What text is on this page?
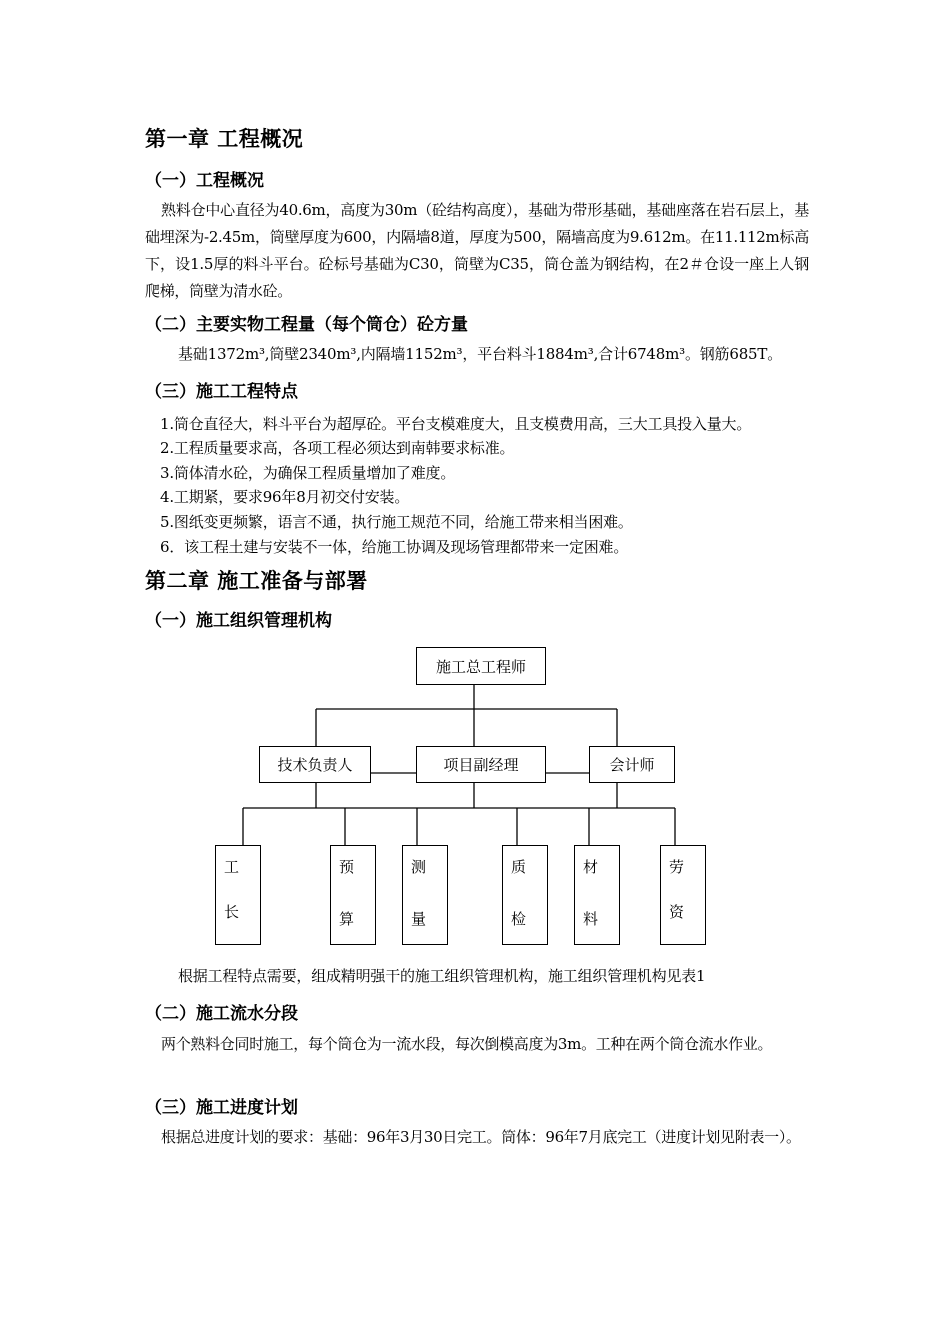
第一章 工程概况
（一）工程概况
熟料仓中心直径为40.6m，高度为30m（砼结构高度），基础为带形基础，基础座落在岩石层上，基础埋深为-2.45m，筒壁厚度为600，内隔墙8道，厚度为500，隔墙高度为9.612m。在11.112m标高下，设1.5厚的料斗平台。砼标号基础为C30，筒壁为C35，筒仓盖为钢结构，在2＃仓设一座上人钢爬梯，筒壁为清水砼。
（二）主要实物工程量（每个筒仓）砼方量
基础1372m³,筒壁2340m³,内隔墙1152m³，平台料斗1884m³,合计6748m³。钢筋685T。
（三）施工工程特点
1.筒仓直径大，料斗平台为超厚砼。平台支模难度大，且支模费用高，三大工具投入量大。
2.工程质量要求高，各项工程必须达到南韩要求标准。
3.筒体清水砼，为确保工程质量增加了难度。
4.工期紧，要求96年8月初交付安装。
5.图纸变更频繁，语言不通，执行施工规范不同，给施工带来相当困难。
6．该工程土建与安装不一体，给施工协调及现场管理都带来一定困难。
第二章 施工准备与部署
（一）施工组织管理机构
施工总工程师
技术负责人	项目副经理	会计师
工
长
预
算
测
量
质
检
材
料
劳
资
根据工程特点需要，组成精明强干的施工组织管理机构，施工组织管理机构见表1
（二）施工流水分段
两个熟料仓同时施工，每个筒仓为一流水段，每次倒模高度为3m。工种在两个筒仓流水作业。
（三）施工进度计划
根据总进度计划的要求：基础：96年3月30日完工。筒体：96年7月底完工（进度计划见附表一）。
